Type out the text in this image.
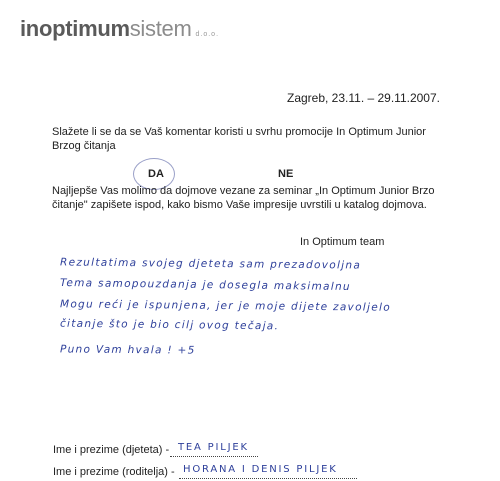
inoptimumsistem d.o.o.
Zagreb, 23.11. – 29.11.2007.
Slažete li se da se Vaš komentar koristi u svrhu promocije In Optimum Junior Brzog čitanja
DA	NE
Najljepše Vas molimo da dojmove vezane za seminar „In Optimum Junior Brzo čitanje" zapišete ispod, kako bismo Vaše impresije uvrstili u katalog dojmova.
In Optimum team
Rezultatima svojeg djeteta sam prezadovoljna
Tema samopouzdanja je dosegla maksimalnu
Mogu reći je ispunjena, jer je moje dijete zavoljelo
čitanje što je bio cilj ovog tečaja.
Puno Vam hvala ! +5
Ime i prezime (djeteta) - TEA PILJEK
Ime i prezime (roditelja) - HORANA I DENIS PILJEK
